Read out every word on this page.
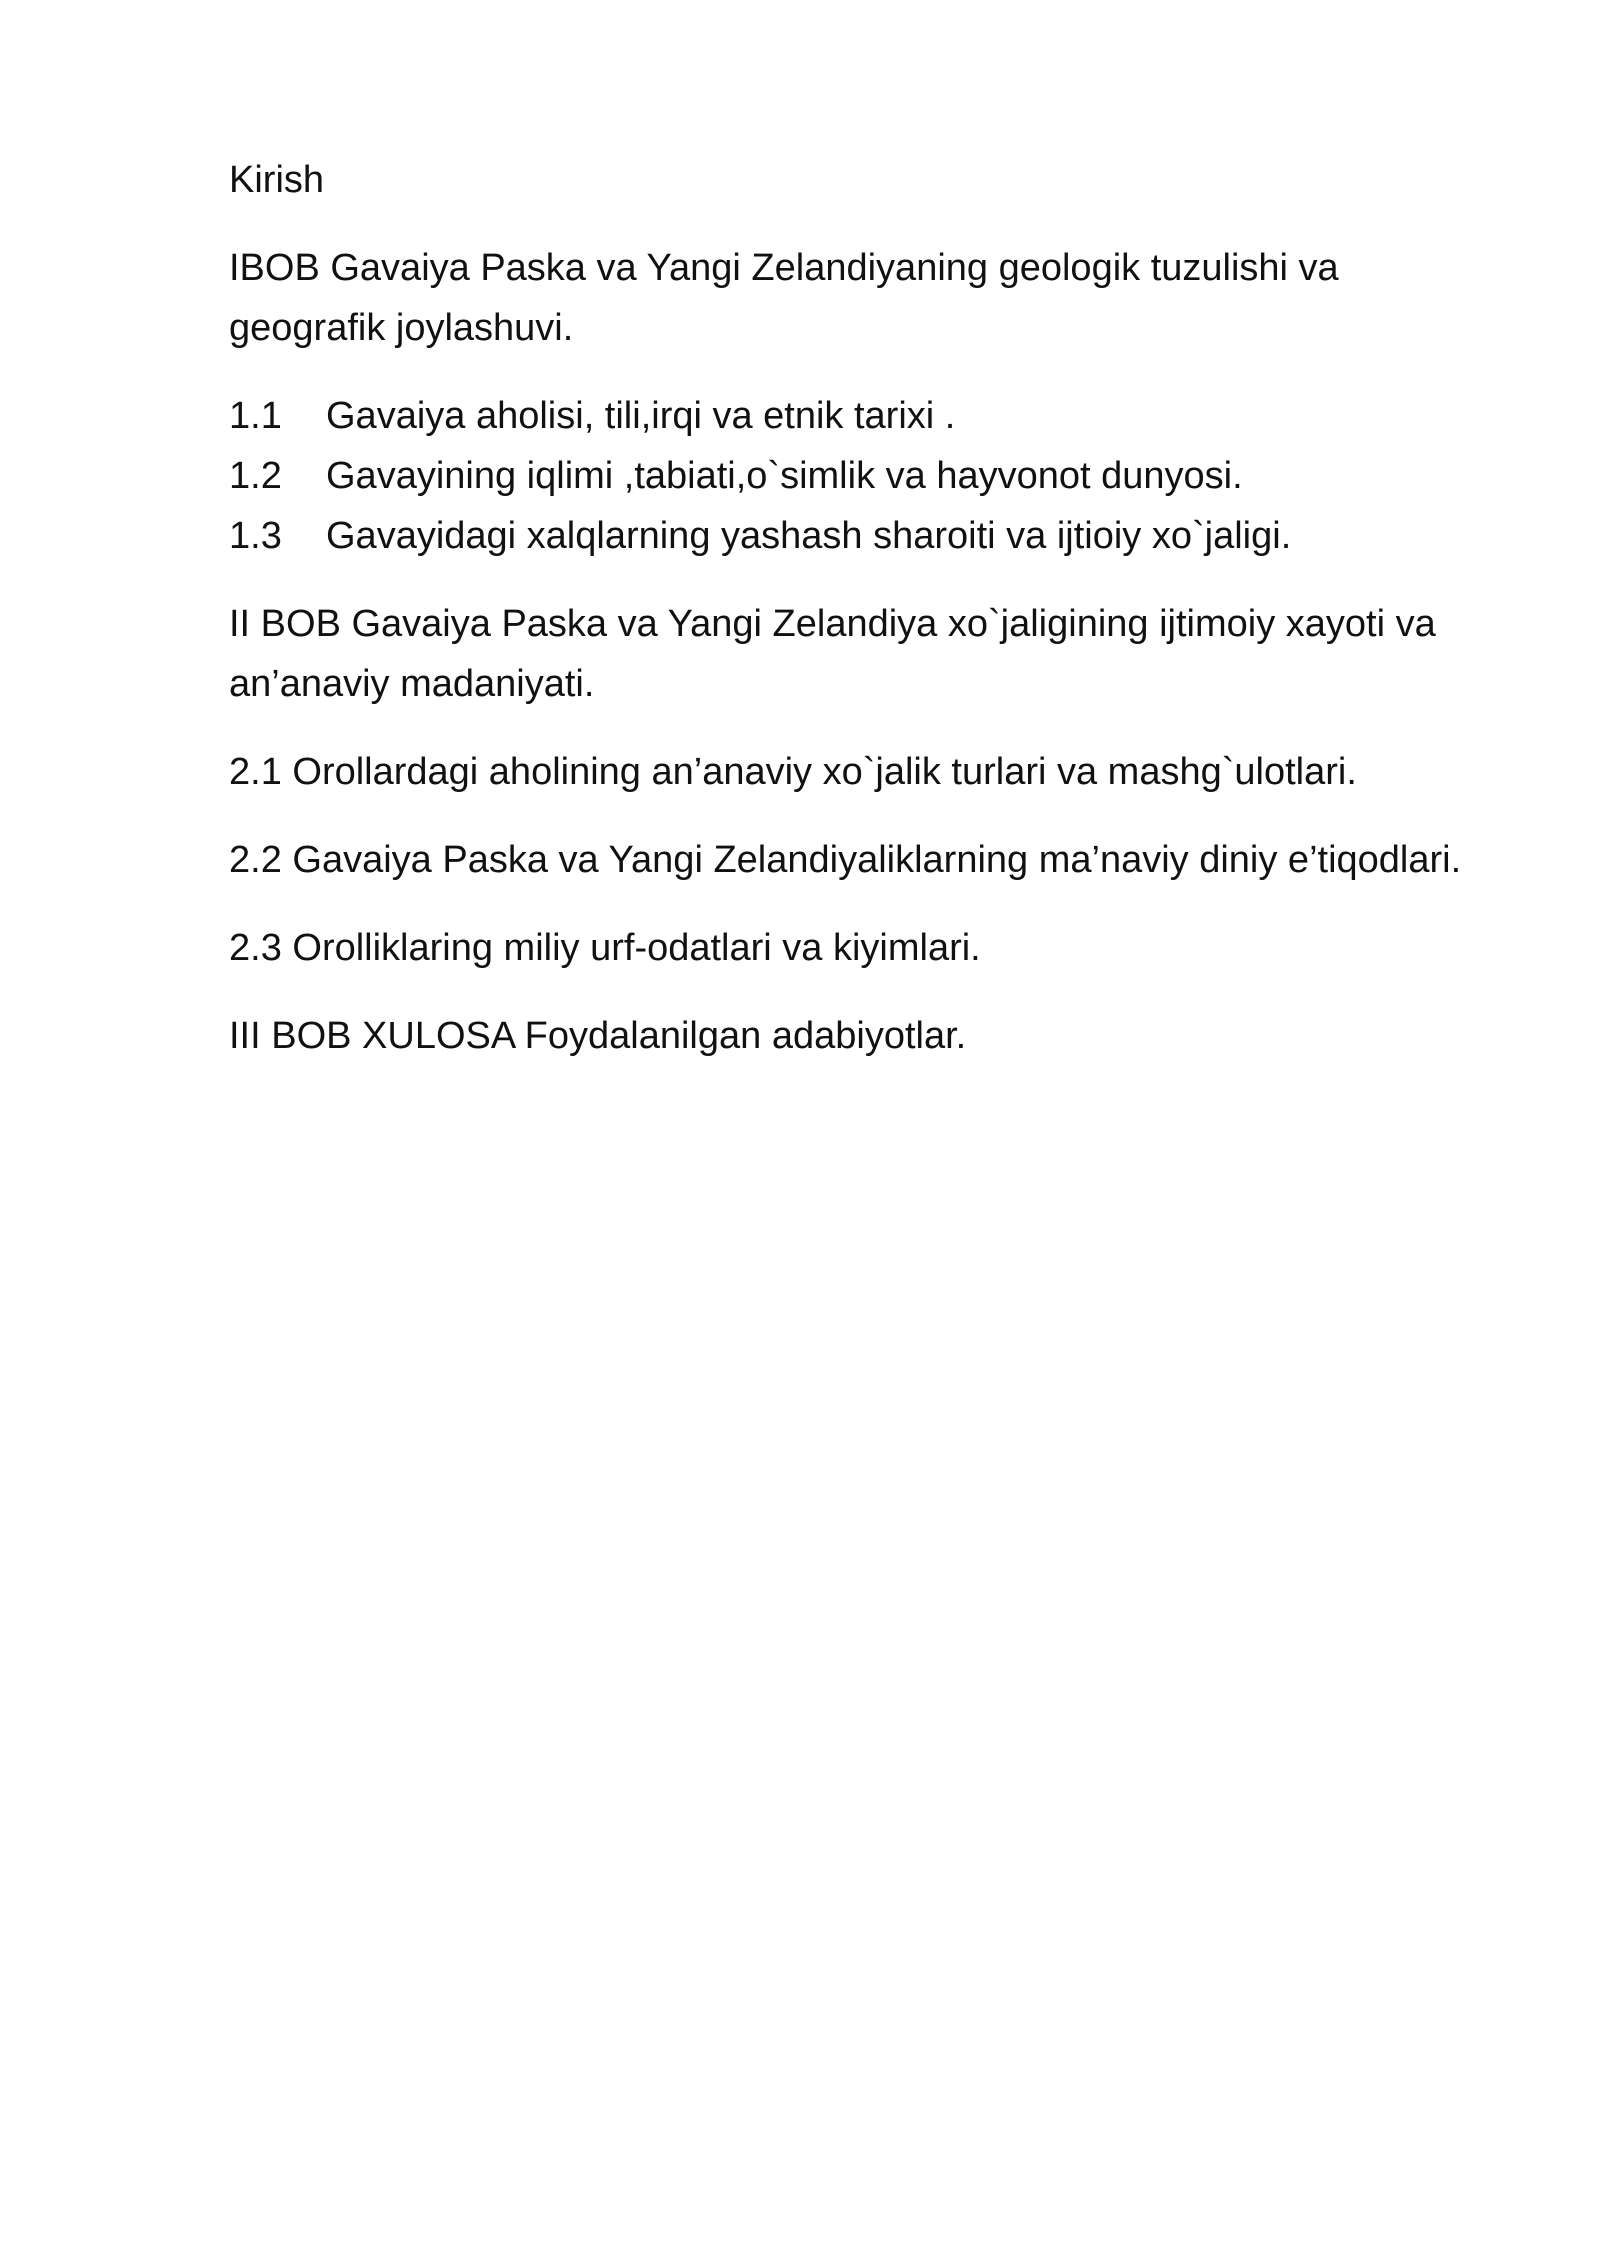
Kirish

IBOB Gavaiya Paska va Yangi Zelandiyaning geologik tuzulishi va geografik joylashuvi.

1.1	Gavaiya aholisi, tili,irqi va etnik tarixi .
1.2	Gavayining iqlimi ,tabiati,o`simlik va hayvonot dunyosi.
1.3	Gavayidagi xalqlarning yashash sharoiti va ijtioiy xo`jaligi.

II BOB Gavaiya Paska va Yangi Zelandiya xo`jaligining ijtimoiy xayoti va an’anaviy madaniyati.

2.1 Orollardagi aholining an’anaviy xo`jalik turlari va mashg`ulotlari.

2.2 Gavaiya Paska va Yangi Zelandiyaliklarning ma’naviy diniy e’tiqodlari.

2.3 Orolliklaring miliy urf-odatlari va kiyimlari.

III BOB XULOSA Foydalanilgan adabiyotlar.
